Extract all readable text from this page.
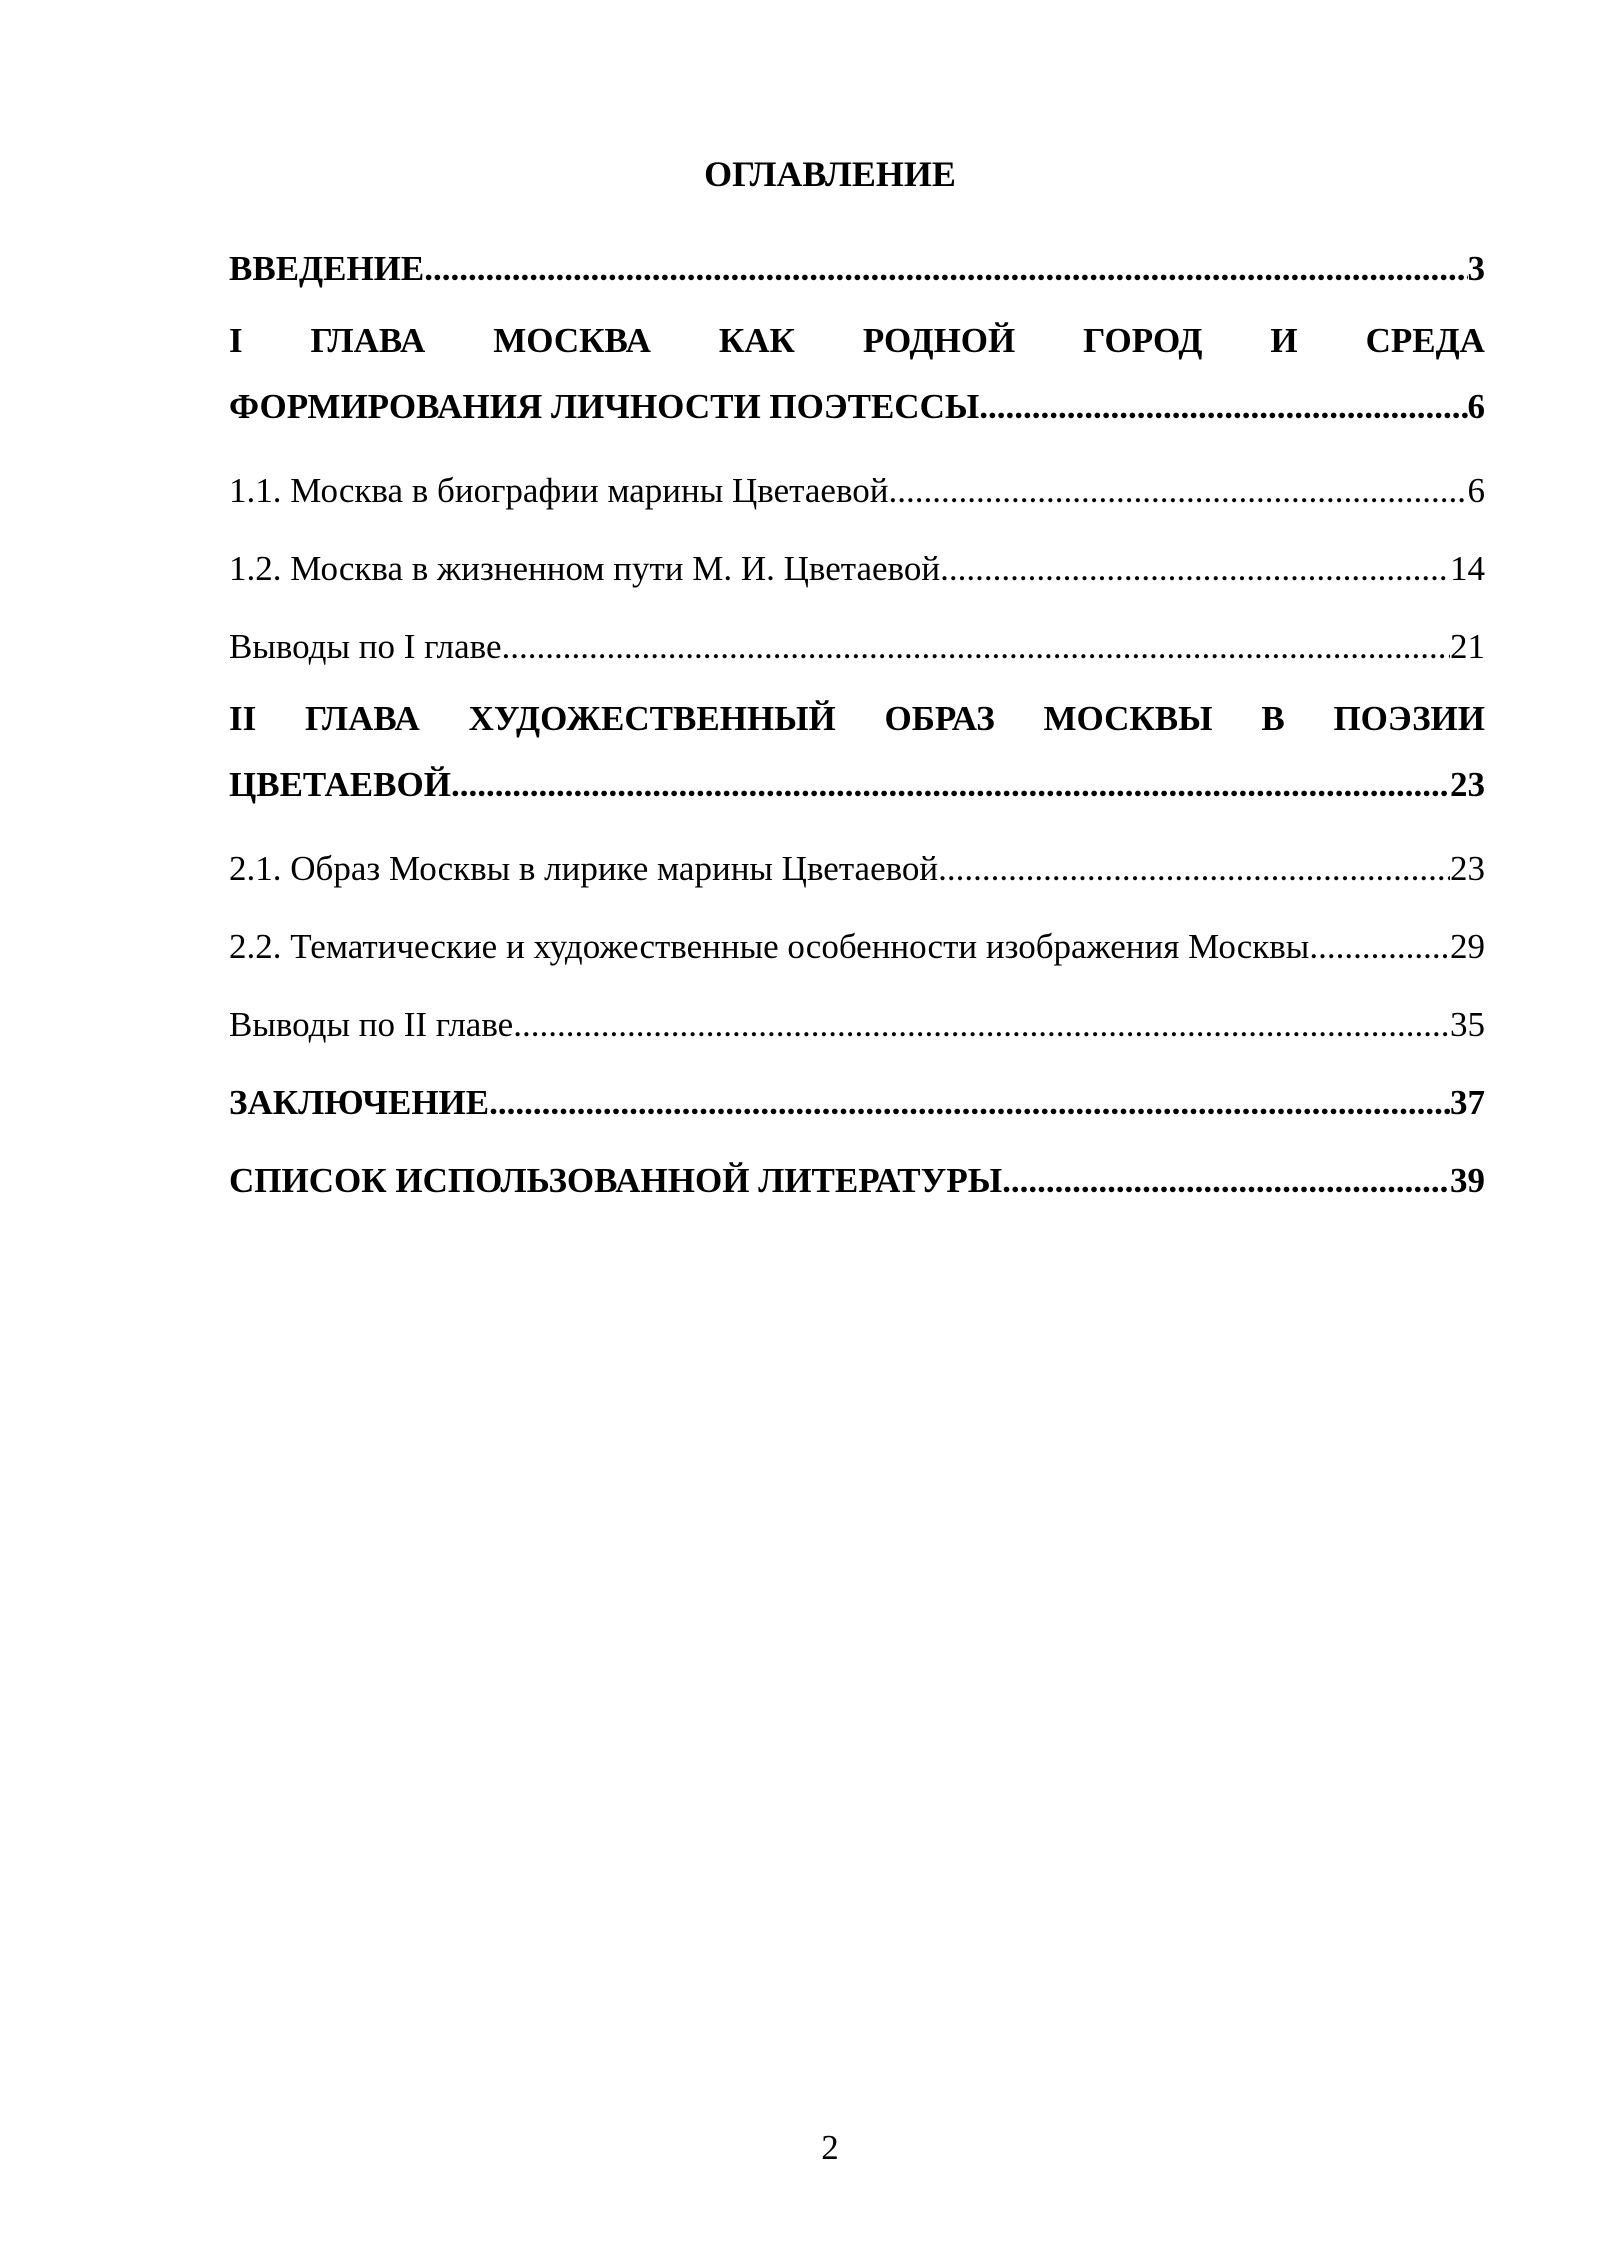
ОГЛАВЛЕНИЕ
ВВЕДЕНИЕ .....	3
I ГЛАВА МОСКВА КАК РОДНОЙ ГОРОД И СРЕДА
ФОРМИРОВАНИЯ ЛИЧНОСТИ ПОЭТЕССЫ .....	6
1.1. Москва в биографии марины Цветаевой .....	6
1.2. Москва в жизненном пути М. И. Цветаевой .....	14
Выводы по I главе .....	21
II ГЛАВА ХУДОЖЕСТВЕННЫЙ ОБРАЗ МОСКВЫ В ПОЭЗИИ
ЦВЕТАЕВОЙ .....	23
2.1. Образ Москвы в лирике марины Цветаевой .....	23
2.2. Тематические и художественные особенности изображения Москвы .....	29
Выводы по II главе .....	35
ЗАКЛЮЧЕНИЕ .....	37
СПИСОК ИСПОЛЬЗОВАННОЙ ЛИТЕРАТУРЫ .....	39
2
